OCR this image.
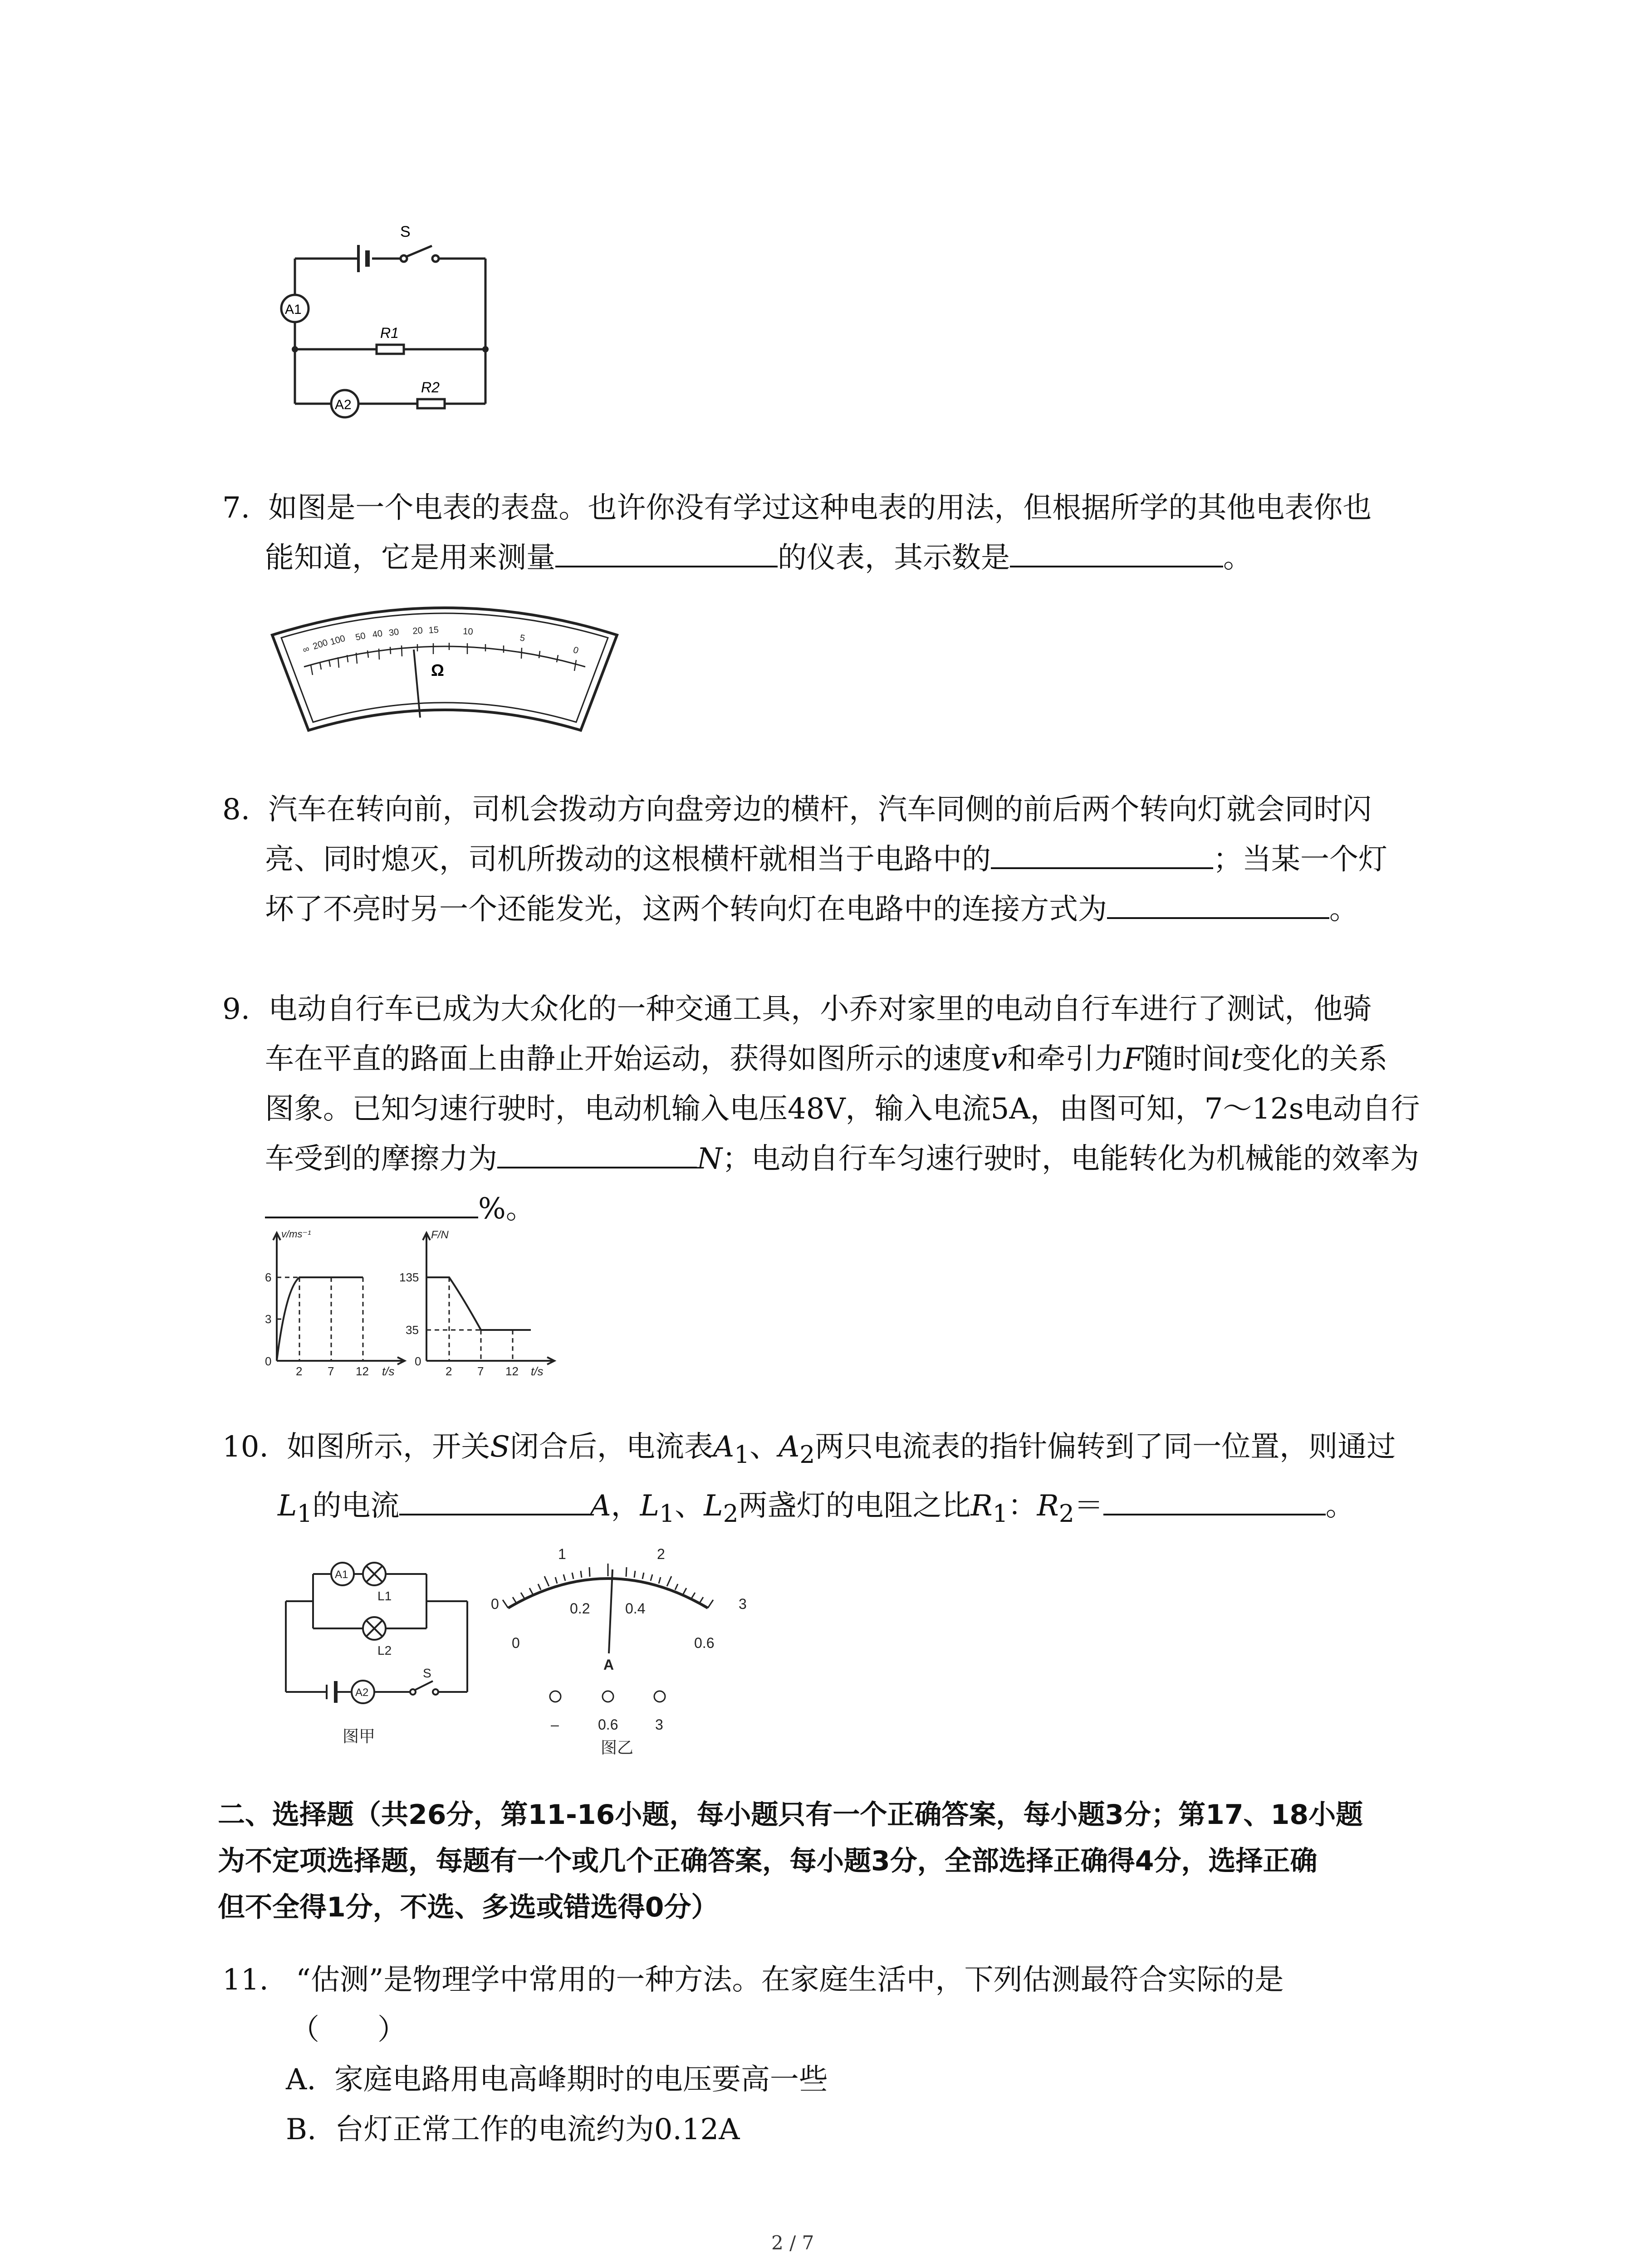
S
A1
A2
R1
R2
7. 如图是一个电表的表盘。也许你没有学过这种电表的用法，但根据所学的其他电表你也
能知道，它是用来测量	的仪表，其示数是	。
∞ 200 100 50 40 30 20 15	10
5
0
Ω
8. 汽车在转向前，司机会拨动方向盘旁边的横杆，汽车同侧的前后两个转向灯就会同时闪
亮、同时熄灭，司机所拨动的这根横杆就相当于电路中的	；当某一个灯
坏了不亮时另一个还能发光，这两个转向灯在电路中的连接方式为	。
9. 电动自行车已成为大众化的一种交通工具，小乔对家里的电动自行车进行了测试，他骑
车在平直的路面上由静止开始运动，获得如图所示的速度v和牵引力F随时间t变化的关系
图象。已知匀速行驶时，电动机输入电压48V，输入电流5A，由图可知，7～12s电动自行
车受到的摩擦力为	N；电动自行车匀速行驶时，电能转化为机械能的效率为
%。
v/ms⁻¹
6
3
0
2 7 12 t/s
F/N
135
35
0
2 7 12 t/s
10. 如图所示，开关S闭合后，电流表$A_1$、$A_2$两只电流表的指针偏转到了同一位置，则通过
$L_1$的电流	A，$L_1$、$L_2$两盏灯的电阻之比$R_1$：$R_2=$	。
A1
A2
L1
L2
S
图甲
0
1	2
3
0
0.2 0.4
0.6
A
–	0.6	3
图乙
二、选择题（共26分，第11-16小题，每小题只有一个正确答案，每小题3分；第17、18小题
为不定项选择题，每题有一个或几个正确答案，每小题3分，全部选择正确得4分，选择正确
但不全得1分，不选、多选或错选得0分）
11. “估测”是物理学中常用的一种方法。在家庭生活中，下列估测最符合实际的是
（　　）
A. 家庭电路用电高峰期时的电压要高一些
B. 台灯正常工作的电流约为0.12A
2 / 7
